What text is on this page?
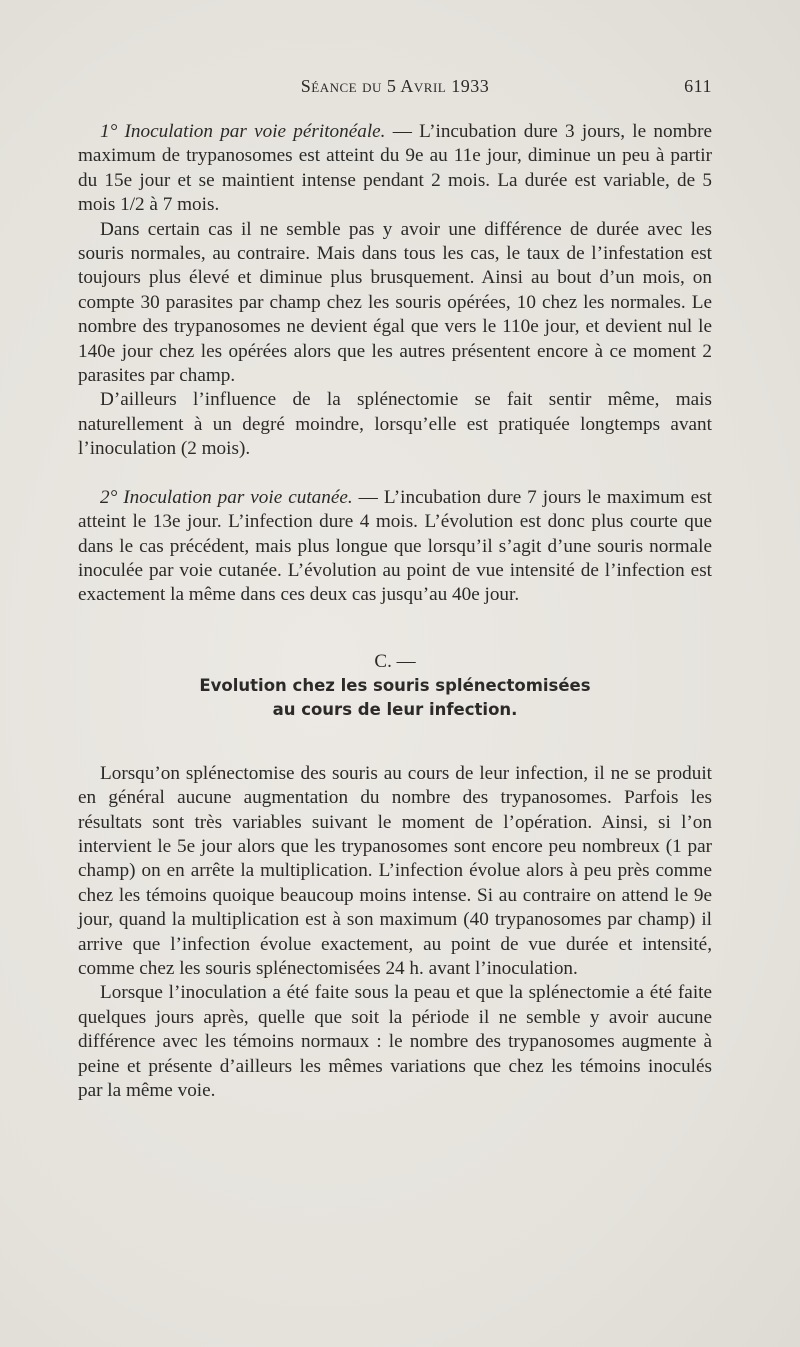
Séance du 5 Avril 1933	611

1° Inoculation par voie péritonéale. — L’incubation dure 3 jours, le nombre maximum de trypanosomes est atteint du 9e au 11e jour, diminue un peu à partir du 15e jour et se maintient intense pendant 2 mois. La durée est variable, de 5 mois 1/2 à 7 mois.

Dans certain cas il ne semble pas y avoir une différence de durée avec les souris normales, au contraire. Mais dans tous les cas, le taux de l’infestation est toujours plus élevé et diminue plus brusquement. Ainsi au bout d’un mois, on compte 30 parasites par champ chez les souris opérées, 10 chez les normales. Le nombre des trypanosomes ne devient égal que vers le 110e jour, et devient nul le 140e jour chez les opérées alors que les autres présentent encore à ce moment 2 parasites par champ.

D’ailleurs l’influence de la splénectomie se fait sentir même, mais naturellement à un degré moindre, lorsqu’elle est pratiquée longtemps avant l’inoculation (2 mois).

2° Inoculation par voie cutanée. — L’incubation dure 7 jours le maximum est atteint le 13e jour. L’infection dure 4 mois. L’évolution est donc plus courte que dans le cas précédent, mais plus longue que lorsqu’il s’agit d’une souris normale inoculée par voie cutanée. L’évolution au point de vue intensité de l’infection est exactement la même dans ces deux cas jusqu’au 40e jour.

C. —
Evolution chez les souris splénectomisées
au cours de leur infection.

Lorsqu’on splénectomise des souris au cours de leur infection, il ne se produit en général aucune augmentation du nombre des trypanosomes. Parfois les résultats sont très variables suivant le moment de l’opération. Ainsi, si l’on intervient le 5e jour alors que les trypanosomes sont encore peu nombreux (1 par champ) on en arrête la multiplication. L’infection évolue alors à peu près comme chez les témoins quoique beaucoup moins intense. Si au contraire on attend le 9e jour, quand la multiplication est à son maximum (40 trypanosomes par champ) il arrive que l’infection évolue exactement, au point de vue durée et intensité, comme chez les souris splénectomisées 24 h. avant l’inoculation.

Lorsque l’inoculation a été faite sous la peau et que la splénectomie a été faite quelques jours après, quelle que soit la période il ne semble y avoir aucune différence avec les témoins normaux : le nombre des trypanosomes augmente à peine et présente d’ailleurs les mêmes variations que chez les témoins inoculés par la même voie.
